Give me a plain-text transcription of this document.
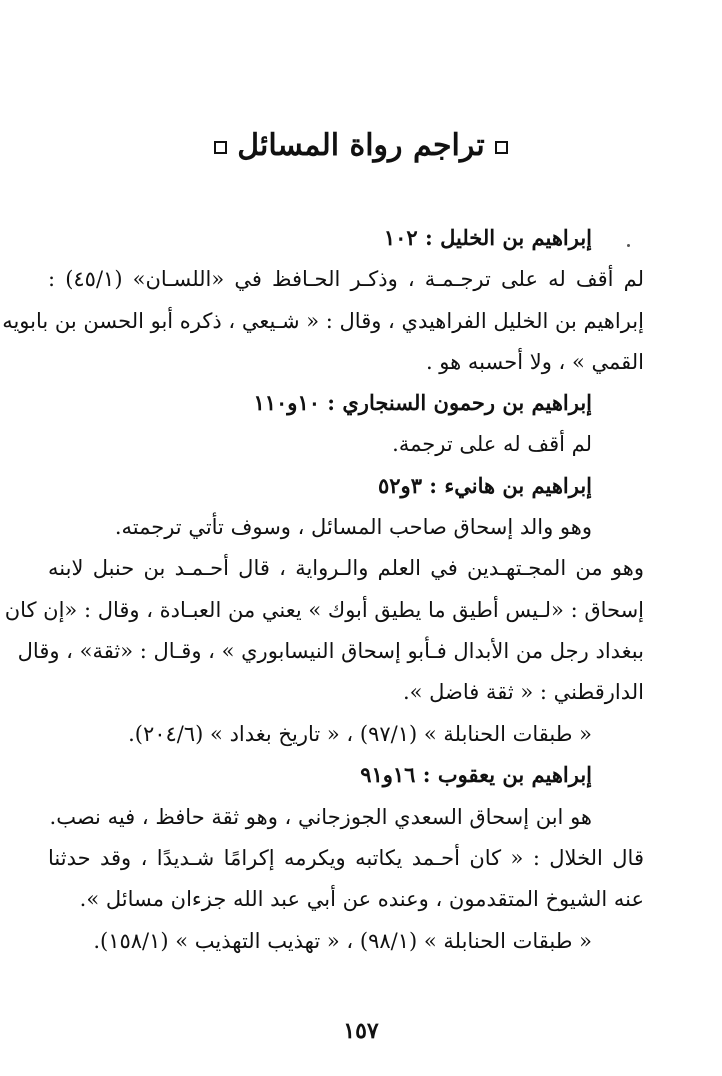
تراجم رواة المسائل
إبراهيم بن الخليل : ١٠٢
لم أقف له على ترجـمـة ، وذكـر الحـافظ في «اللسـان» (٤٥/١) :
إبراهيم بن الخليل الفراهيدي ، وقال : « شـيعي ، ذكره أبو الحسن بن بابويه
القمي » ، ولا أحسبه هو .
إبراهيم بن رحمون السنجاري : ١٠و١١٠
لم أقف له على ترجمة.
إبراهيم بن هانيء : ٣و٥٢
وهو والد إسحاق صاحب المسائل ، وسوف تأتي ترجمته.
وهو من المجـتهـدين في العلم والـرواية ، قال أحـمـد بن حنبل لابنه
إسحاق : «لـيس أطيق ما يطيق أبوك » يعني من العبـادة ، وقال : «إن كان
ببغداد رجل من الأبدال فـأبو إسحاق النيسابوري » ، وقـال : «ثقة» ، وقال
الدارقطني : « ثقة فاضل ».
« طبقات الحنابلة » (٩٧/١) ، « تاريخ بغداد » (٢٠٤/٦).
إبراهيم بن يعقوب : ١٦و٩١
هو ابن إسحاق السعدي الجوزجاني ، وهو ثقة حافظ ، فيه نصب.
قال الخلال : « كان أحـمد يكاتبه ويكرمه إكرامًا شـديدًا ، وقد حدثنا
عنه الشيوخ المتقدمون ، وعنده عن أبي عبد الله جزءان مسائل ».
« طبقات الحنابلة » (٩٨/١) ، « تهذيب التهذيب » (١٥٨/١).
١٥٧
